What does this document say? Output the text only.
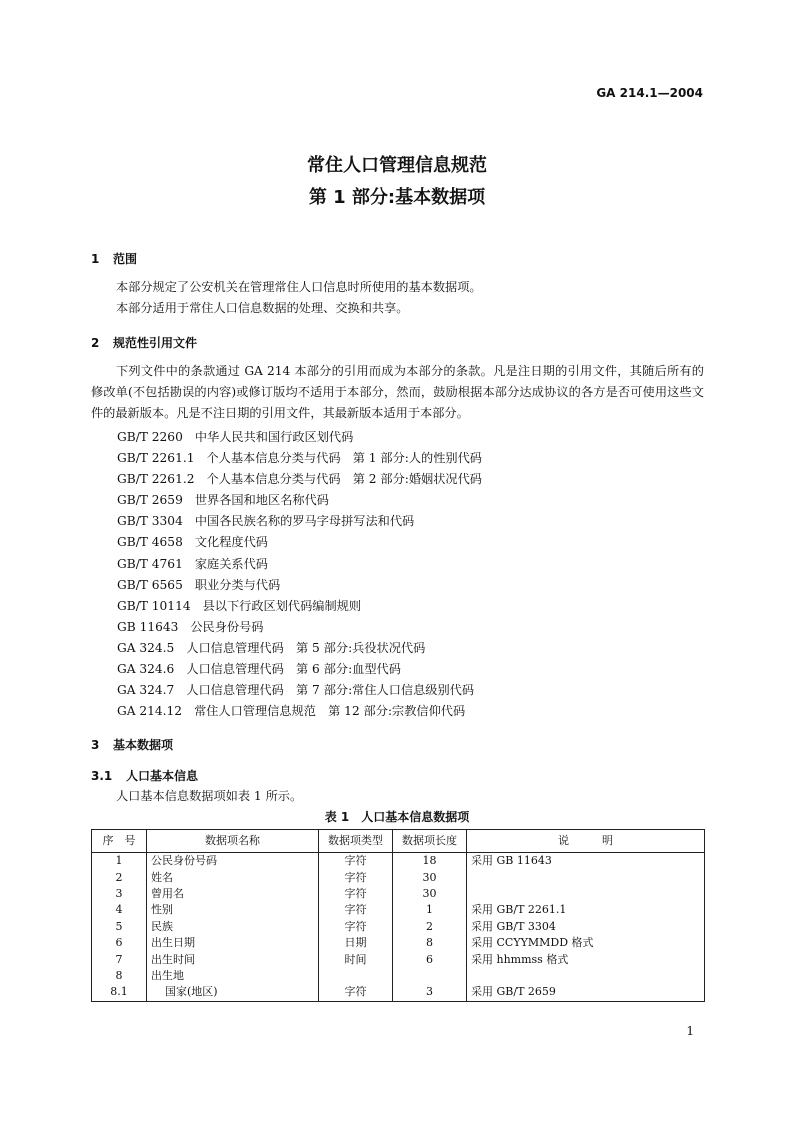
GA 214.1—2004
常住人口管理信息规范
第 1 部分:基本数据项
1 范围
本部分规定了公安机关在管理常住人口信息时所使用的基本数据项。
本部分适用于常住人口信息数据的处理、交换和共享。
2 规范性引用文件
下列文件中的条款通过 GA 214 本部分的引用而成为本部分的条款。凡是注日期的引用文件，其随后所有的修改单(不包括勘误的内容)或修订版均不适用于本部分，然而，鼓励根据本部分达成协议的各方是否可使用这些文件的最新版本。凡是不注日期的引用文件，其最新版本适用于本部分。
GB/T 2260 中华人民共和国行政区划代码
GB/T 2261.1 个人基本信息分类与代码　第 1 部分:人的性别代码
GB/T 2261.2 个人基本信息分类与代码　第 2 部分:婚姻状况代码
GB/T 2659 世界各国和地区名称代码
GB/T 3304 中国各民族名称的罗马字母拼写法和代码
GB/T 4658 文化程度代码
GB/T 4761 家庭关系代码
GB/T 6565 职业分类与代码
GB/T 10114 县以下行政区划代码编制规则
GB 11643 公民身份号码
GA 324.5 人口信息管理代码　第 5 部分:兵役状况代码
GA 324.6 人口信息管理代码　第 6 部分:血型代码
GA 324.7 人口信息管理代码　第 7 部分:常住人口信息级别代码
GA 214.12 常住人口管理信息规范　第 12 部分:宗教信仰代码
3 基本数据项
3.1 人口基本信息
人口基本信息数据项如表 1 所示。
表 1　人口基本信息数据项
序　号	数据项名称	数据项类型	数据项长度	说　　　明
1	公民身份号码	字符	18	采用 GB 11643
2	姓名	字符	30	
3	曾用名	字符	30	
4	性别	字符	1	采用 GB/T 2261.1
5	民族	字符	2	采用 GB/T 3304
6	出生日期	日期	8	采用 CCYYMMDD 格式
7	出生时间	时间	6	采用 hhmmss 格式
8	出生地			
8.1	国家(地区)	字符	3	采用 GB/T 2659
1
